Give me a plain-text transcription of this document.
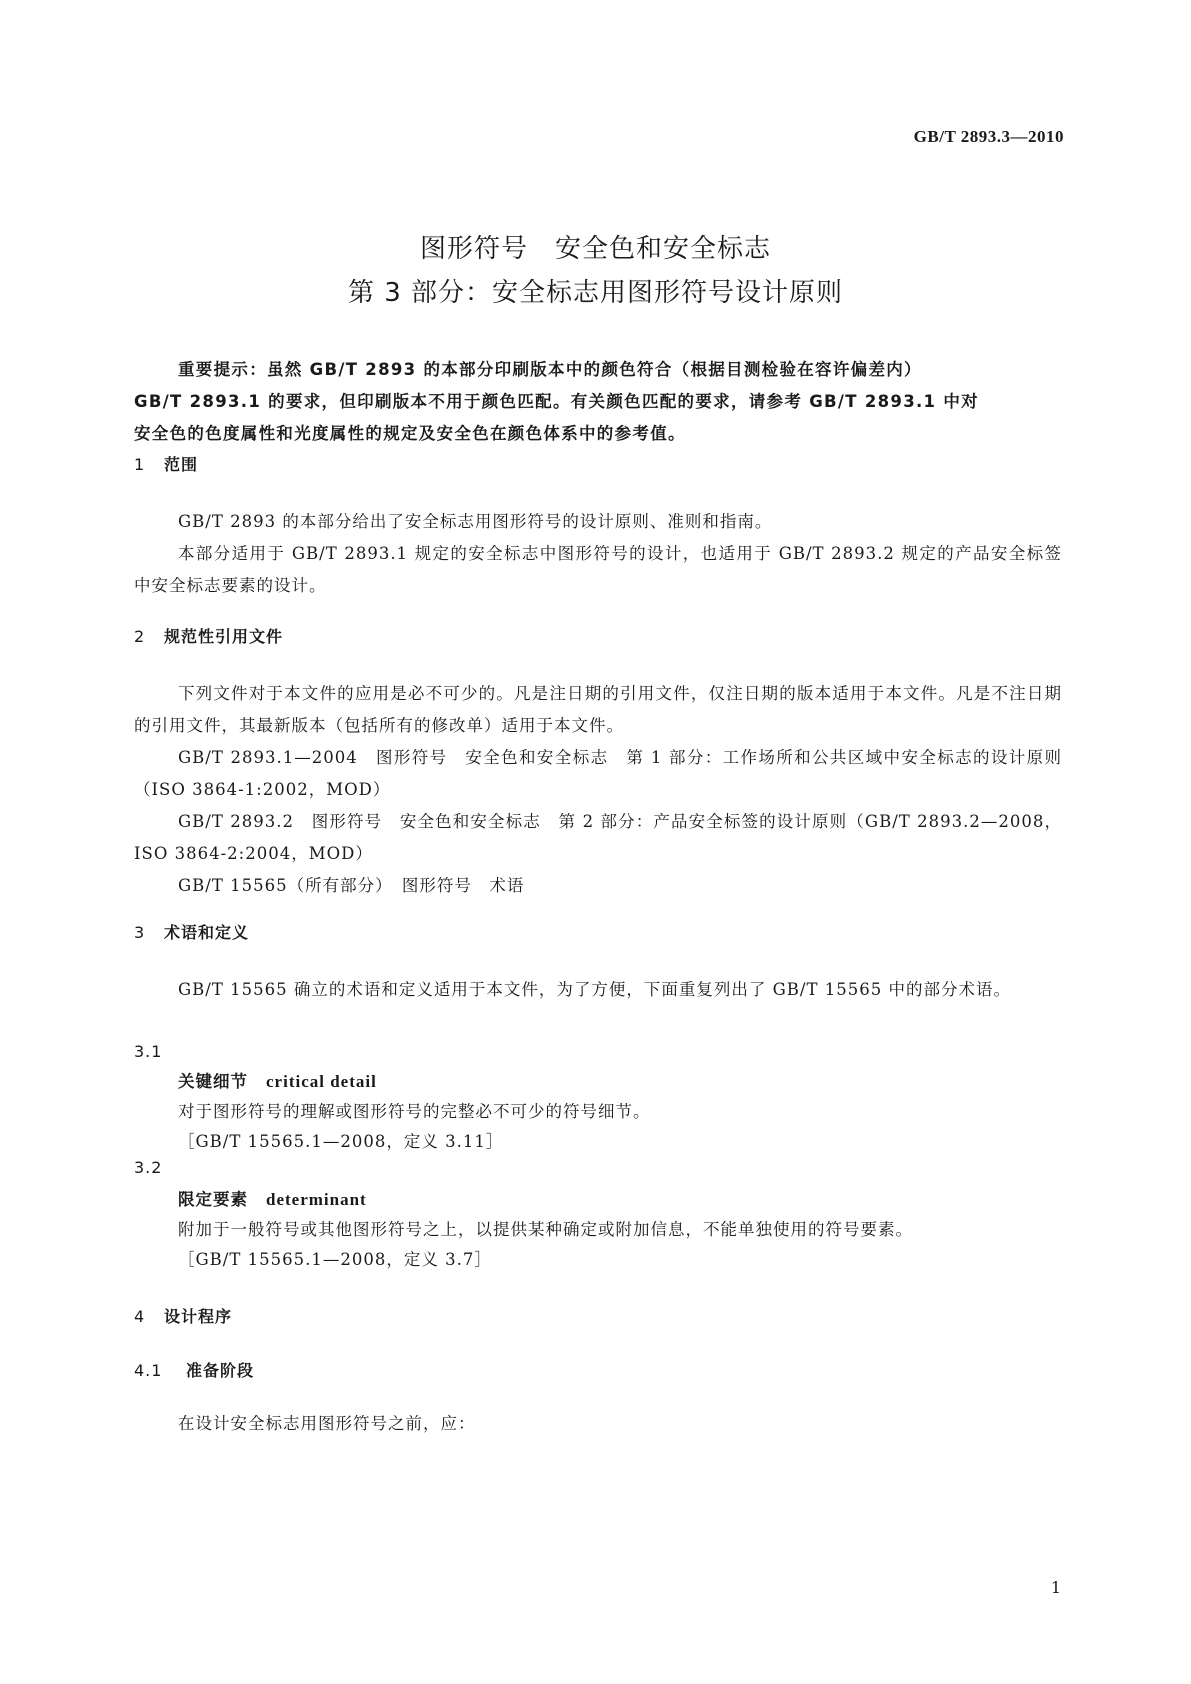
GB/T 2893.3—2010
图形符号　安全色和安全标志
第 3 部分：安全标志用图形符号设计原则

重要提示：虽然 GB/T 2893 的本部分印刷版本中的颜色符合（根据目测检验在容许偏差内）

GB/T 2893.1 的要求，但印刷版本不用于颜色匹配。有关颜色匹配的要求，请参考 GB/T 2893.1 中对

安全色的色度属性和光度属性的规定及安全色在颜色体系中的参考值。

1 范围

GB/T 2893 的本部分给出了安全标志用图形符号的设计原则、准则和指南。

本部分适用于 GB/T 2893.1 规定的安全标志中图形符号的设计，也适用于 GB/T 2893.2 规定的产品安全标签中安全标志要素的设计。

2 规范性引用文件

下列文件对于本文件的应用是必不可少的。凡是注日期的引用文件，仅注日期的版本适用于本文件。凡是不注日期的引用文件，其最新版本（包括所有的修改单）适用于本文件。

GB/T 2893.1—2004　图形符号　安全色和安全标志　第 1 部分：工作场所和公共区域中安全标志的设计原则（ISO 3864-1:2002，MOD）

GB/T 2893.2　图形符号　安全色和安全标志　第 2 部分：产品安全标签的设计原则（GB/T 2893.2—2008，ISO 3864-2:2004，MOD）

GB/T 15565（所有部分）　图形符号　术语

3 术语和定义

GB/T 15565 确立的术语和定义适用于本文件，为了方便，下面重复列出了 GB/T 15565 中的部分术语。

3.1
关键细节 critical detail
对于图形符号的理解或图形符号的完整必不可少的符号细节。
［GB/T 15565.1—2008，定义 3.11］
3.2
限定要素 determinant
附加于一般符号或其他图形符号之上，以提供某种确定或附加信息，不能单独使用的符号要素。
［GB/T 15565.1—2008，定义 3.7］
4 设计程序
4.1 准备阶段

在设计安全标志用图形符号之前，应：

1
